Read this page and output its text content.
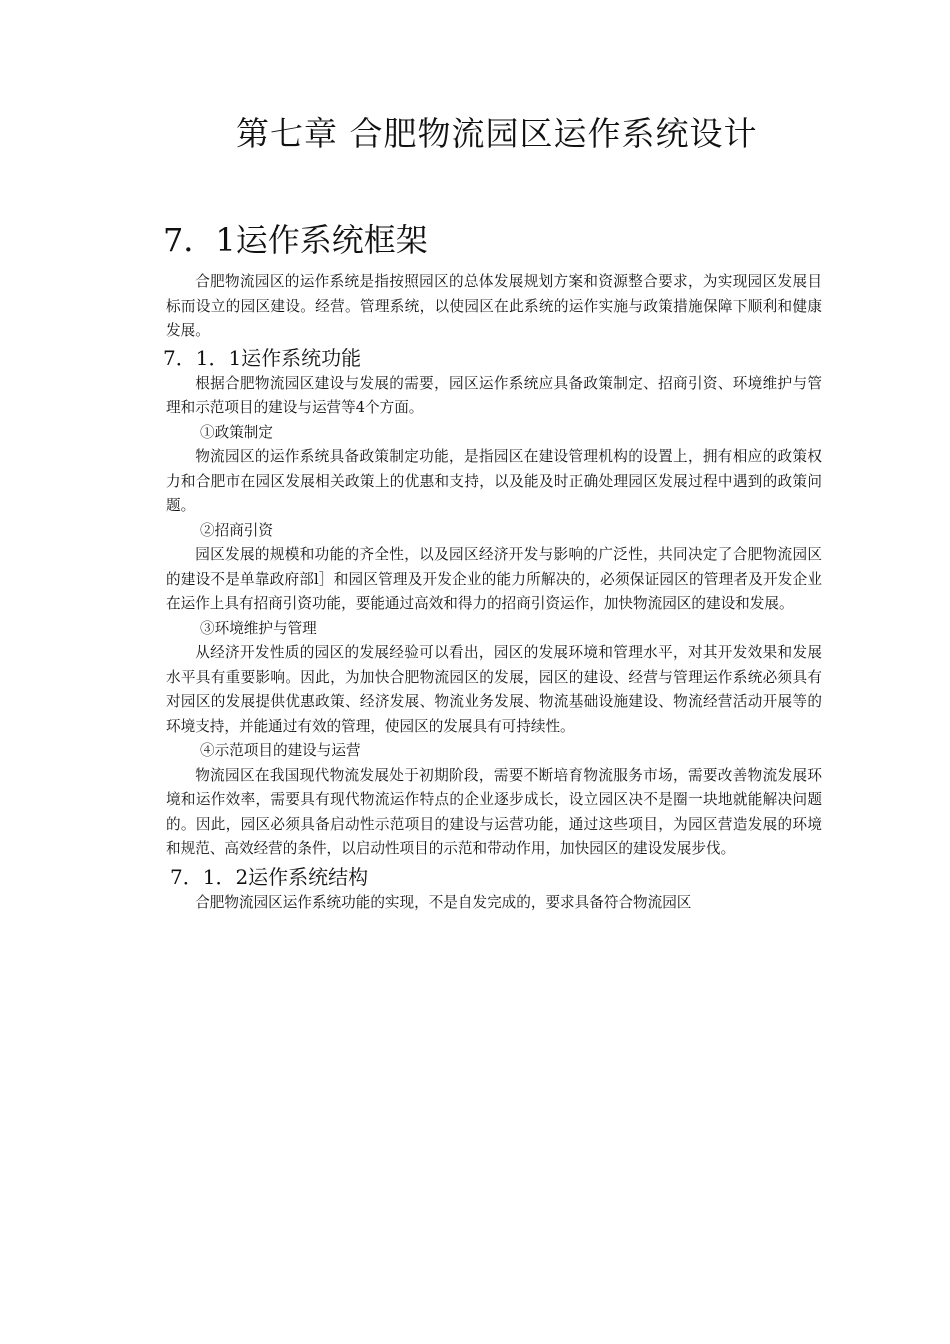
第七章 合肥物流园区运作系统设计
7．1运作系统框架

合肥物流园区的运作系统是指按照园区的总体发展规划方案和资源整合要求，为实现园区发展目标而设立的园区建设。经营。管理系统，以使园区在此系统的运作实施与政策措施保障下顺利和健康发展。

7．1．1运作系统功能

根据合肥物流园区建设与发展的需要，园区运作系统应具备政策制定、招商引资、环境维护与管理和示范项目的建设与运营等4个方面。

①政策制定

物流园区的运作系统具备政策制定功能，是指园区在建设管理机构的设置上，拥有相应的政策权力和合肥市在园区发展相关政策上的优惠和支持，以及能及时正确处理园区发展过程中遇到的政策问题。

②招商引资

园区发展的规模和功能的齐全性，以及园区经济开发与影响的广泛性，共同决定了合肥物流园区的建设不是单靠政府部l］和园区管理及开发企业的能力所解决的，必须保证园区的管理者及开发企业在运作上具有招商引资功能，要能通过高效和得力的招商引资运作，加快物流园区的建设和发展。

③环境维护与管理

从经济开发性质的园区的发展经验可以看出，园区的发展环境和管理水平，对其开发效果和发展水平具有重要影响。因此，为加快合肥物流园区的发展，园区的建设、经营与管理运作系统必须具有对园区的发展提供优惠政策、经济发展、物流业务发展、物流基础设施建设、物流经营活动开展等的环境支持，并能通过有效的管理，使园区的发展具有可持续性。

④示范项目的建设与运营

物流园区在我国现代物流发展处于初期阶段，需要不断培育物流服务市场，需要改善物流发展环境和运作效率，需要具有现代物流运作特点的企业逐步成长，设立园区决不是圈一块地就能解决问题的。因此，园区必须具备启动性示范项目的建设与运营功能，通过这些项目，为园区营造发展的环境和规范、高效经营的条件，以启动性项目的示范和带动作用，加快园区的建设发展步伐。

7．1．2运作系统结构

合肥物流园区运作系统功能的实现，不是自发完成的，要求具备符合物流园区
